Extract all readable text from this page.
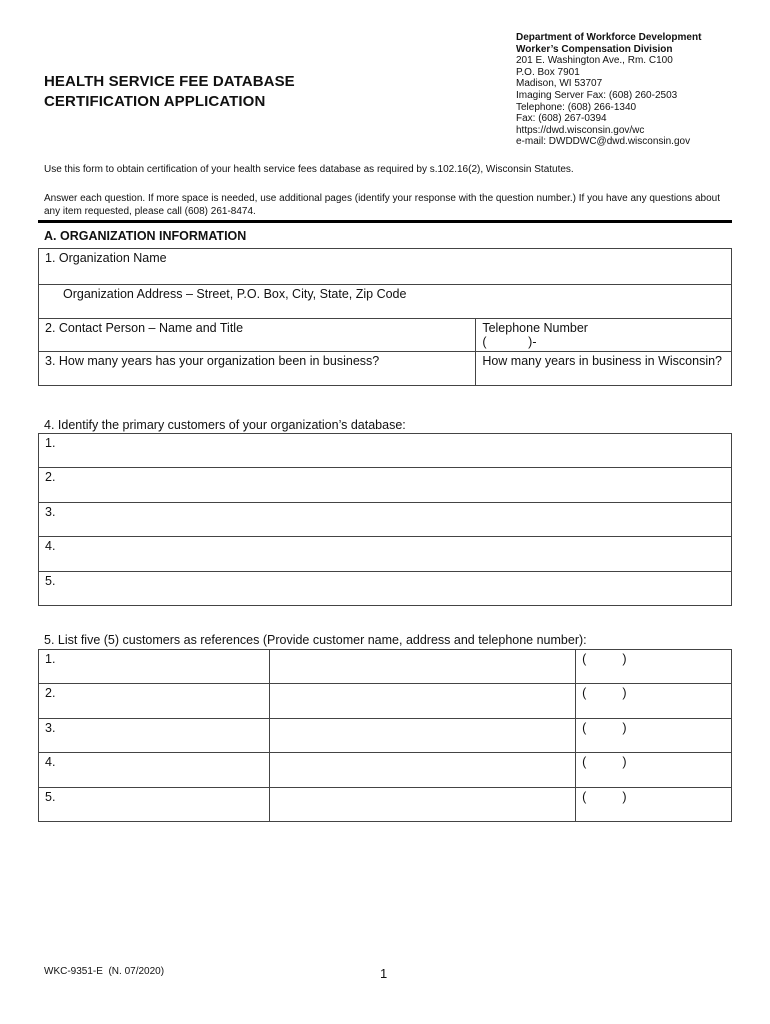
HEALTH SERVICE FEE DATABASE
CERTIFICATION APPLICATION
Department of Workforce Development
Worker’s Compensation Division
201 E. Washington Ave., Rm. C100
P.O. Box 7901
Madison, WI 53707
Imaging Server Fax: (608) 260-2503
Telephone: (608) 266-1340
Fax: (608) 267-0394
https://dwd.wisconsin.gov/wc
e-mail: DWDDWC@dwd.wisconsin.gov
Use this form to obtain certification of your health service fees database as required by s.102.16(2), Wisconsin Statutes.
Answer each question. If more space is needed, use additional pages (identify your response with the question number.) If you have any questions about any item requested, please call (608) 261-8474.
A. ORGANIZATION INFORMATION
1. Organization Name	
Organization Address – Street, P.O. Box, City, State, Zip Code	
2. Contact Person – Name and Title	Telephone Number
(            )-

3. How many years has your organization been in business?	How many years in business in Wisconsin?
4. Identify the primary customers of your organization’s database:
1.
2.
3.
4.
5.
5. List five (5) customers as references (Provide customer name, address and telephone number):
1.		( )

2.		( )

3.		( )

4.		( )

5.		( )
WKC-9351-E  (N. 07/2020)	1
